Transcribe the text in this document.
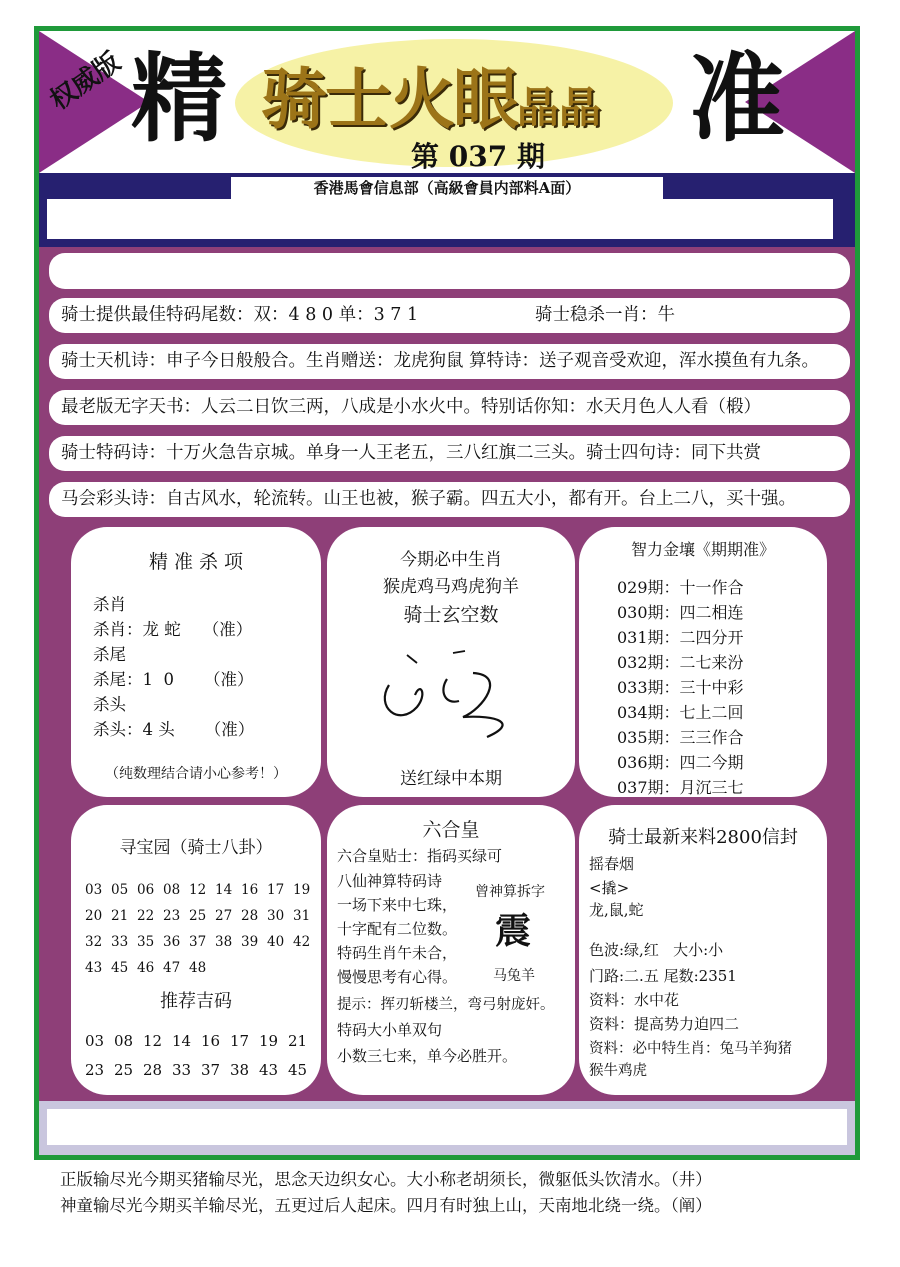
权威版 精	准
骑士火眼晶晶
第 037 期
香港馬會信息部（高級會員内部料A面）
骑士提供最佳特码尾数：双：4 8 0 单：3 7 1	骑士稳杀一肖：牛
骑士天机诗：申子今日般般合。生肖赠送：龙虎狗鼠 算特诗：送子观音受欢迎，浑水摸鱼有九条。
最老版无字天书：人云二日饮三两，八成是小水火中。特别话你知：水天月色人人看（椴）
骑士特码诗：十万火急告京城。单身一人王老五，三八红旗二三头。骑士四句诗：同下共赏
马会彩头诗：自古风水，轮流转。山王也被，猴子霸。四五大小，都有开。台上二八，买十强。
精 准 杀 项
杀肖
杀肖：龙 蛇 （准）
杀尾
杀尾：1  0 （准）
杀头
杀头：4 头 （准）
（纯数理结合请小心参考！）
今期必中生肖
猴虎鸡马鸡虎狗羊
骑士玄空数
送红绿中本期
智力金壤《期期准》
029期：十一作合
030期：四二相连
031期：二四分开
032期：二七来汾
033期：三十中彩
034期：七上二回
035期：三三作合
036期：四二今期
037期：月沉三七
寻宝园（骑士八卦）
03 05 06 08 12 14 16 17 19
20 21 22 23 25 27 28 30 31
32 33 35 36 37 38 39 40 42
43 45 46 47 48
推荐吉码
03 08 12 14 16 17 19 21
23 25 28 33 37 38 43 45
六合皇
六合皇贴士：指码买绿可
八仙神算特码诗
一场下来中七珠，
十字配有二位数。
特码生肖午未合，
慢慢思考有心得。
曾神算拆字
震
马兔羊
提示：挥刃斩楼兰，弯弓射庞奸。
特码大小单双句
小数三七来，单今必胜开。
骑士最新来料2800信封
摇春烟
<撬>
龙,鼠,蛇
色波:绿,红   大小:小
门路:二.五 尾数:2351
资料：水中花
资料：提高势力迫四二
资料：必中特生肖：兔马羊狗猪
猴牛鸡虎
正版输尽光今期买猪输尽光，思念天边织女心。大小称老胡须长，微躯低头饮清水。（井）
神童输尽光今期买羊输尽光，五更过后人起床。四月有时独上山，天南地北绕一绕。（阐）
